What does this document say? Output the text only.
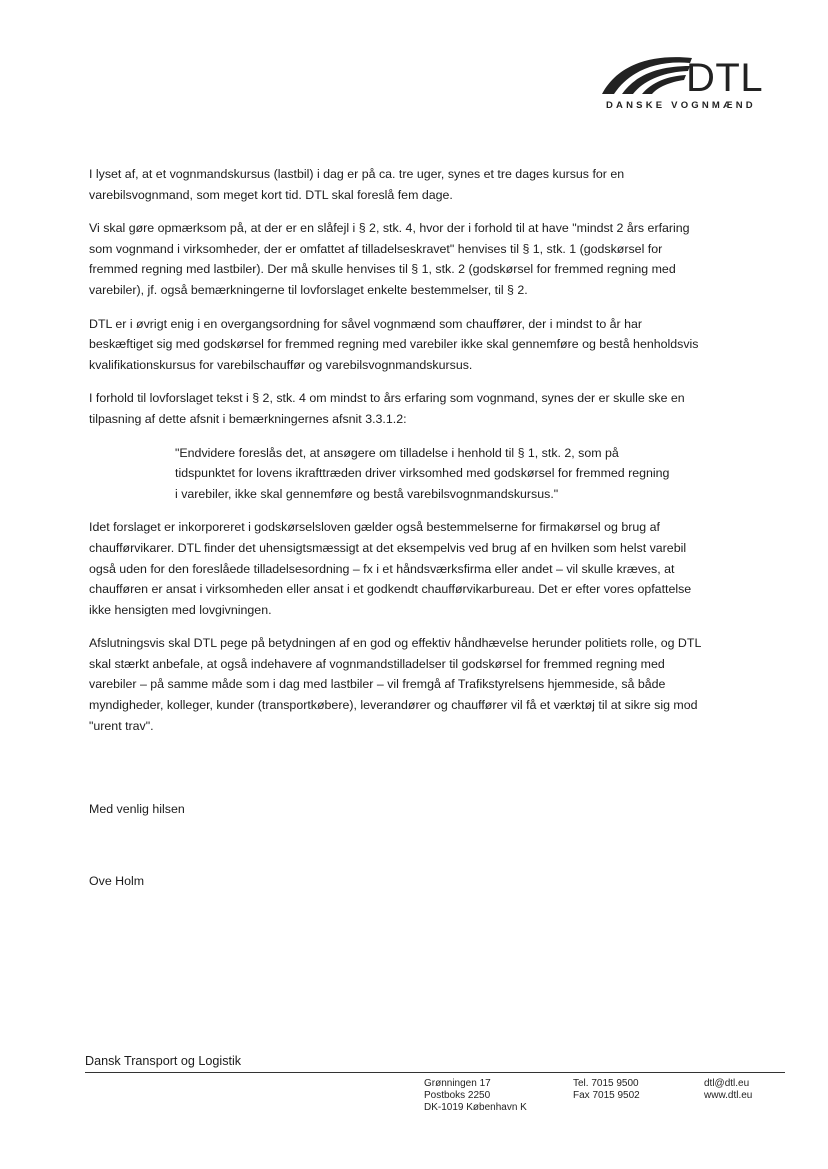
DTL
DANSKE VOGNMÆND

I lyset af, at et vognmandskursus (lastbil) i dag er på ca. tre uger, synes et tre dages kursus for en varebilsvognmand, som meget kort tid. DTL skal foreslå fem dage.

Vi skal gøre opmærksom på, at der er en slåfejl i § 2, stk. 4, hvor der i forhold til at have "mindst 2 års erfaring som vognmand i virksomheder, der er omfattet af tilladelseskravet" henvises til § 1, stk. 1 (godskørsel for fremmed regning med lastbiler). Der må skulle henvises til § 1, stk. 2 (godskørsel for fremmed regning med varebiler), jf. også bemærkningerne til lovforslaget enkelte bestemmelser, til § 2.

DTL er i øvrigt enig i en overgangsordning for såvel vognmænd som chauffører, der i mindst to år har beskæftiget sig med godskørsel for fremmed regning med varebiler ikke skal gennemføre og bestå henholdsvis kvalifikationskursus for varebilschauffør og varebilsvognmandskursus.

I forhold til lovforslaget tekst i § 2, stk. 4 om mindst to års erfaring som vognmand, synes der er skulle ske en tilpasning af dette afsnit i bemærkningernes afsnit 3.3.1.2:

"Endvidere foreslås det, at ansøgere om tilladelse i henhold til § 1, stk. 2, som på tidspunktet for lovens ikrafttræden driver virksomhed med godskørsel for fremmed regning i varebiler, ikke skal gennemføre og bestå varebilsvognmandskursus."

Idet forslaget er inkorporeret i godskørselsloven gælder også bestemmelserne for firmakørsel og brug af chaufførvikarer. DTL finder det uhensigtsmæssigt at det eksempelvis ved brug af en hvilken som helst varebil også uden for den foreslåede tilladelsesordning – fx i et håndsværksfirma eller andet – vil skulle kræves, at chaufføren er ansat i virksomheden eller ansat i et godkendt chaufførvikarbureau. Det er efter vores opfattelse ikke hensigten med lovgivningen.

Afslutningsvis skal DTL pege på betydningen af en god og effektiv håndhævelse herunder politiets rolle, og DTL skal stærkt anbefale, at også indehavere af vognmandstilladelser til godskørsel for fremmed regning med varebiler – på samme måde som i dag med lastbiler – vil fremgå af Trafikstyrelsens hjemmeside, så både myndigheder, kolleger, kunder (transportkøbere), leverandører og chauffører vil få et værktøj til at sikre sig mod "urent trav".

Med venlig hilsen
Ove Holm
Dansk Transport og Logistik
Grønningen 17
Postboks 2250
DK-1019 København K
Tel. 7015 9500
Fax 7015 9502
dtl@dtl.eu
www.dtl.eu
